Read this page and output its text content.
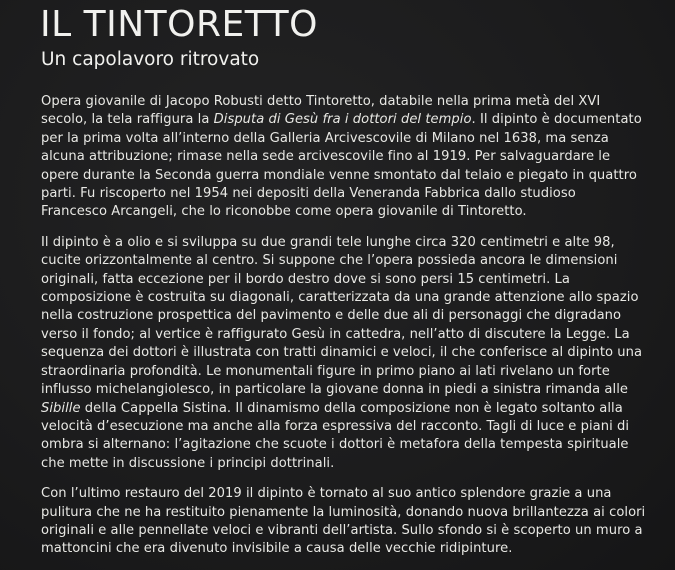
IL TINTORETTO
Un capolavoro ritrovato
Opera giovanile di Jacopo Robusti detto Tintoretto, databile nella prima metà del XVI
secolo, la tela raffigura la Disputa di Gesù fra i dottori del tempio. Il dipinto è documentato
per la prima volta all’interno della Galleria Arcivescovile di Milano nel 1638, ma senza
alcuna attribuzione; rimase nella sede arcivescovile fino al 1919. Per salvaguardare le
opere durante la Seconda guerra mondiale venne smontato dal telaio e piegato in quattro
parti. Fu riscoperto nel 1954 nei depositi della Veneranda Fabbrica dallo studioso
Francesco Arcangeli, che lo riconobbe come opera giovanile di Tintoretto.
Il dipinto è a olio e si sviluppa su due grandi tele lunghe circa 320 centimetri e alte 98,
cucite orizzontalmente al centro. Si suppone che l’opera possieda ancora le dimensioni
originali, fatta eccezione per il bordo destro dove si sono persi 15 centimetri. La
composizione è costruita su diagonali, caratterizzata da una grande attenzione allo spazio
nella costruzione prospettica del pavimento e delle due ali di personaggi che digradano
verso il fondo; al vertice è raffigurato Gesù in cattedra, nell’atto di discutere la Legge. La
sequenza dei dottori è illustrata con tratti dinamici e veloci, il che conferisce al dipinto una
straordinaria profondità. Le monumentali figure in primo piano ai lati rivelano un forte
influsso michelangiolesco, in particolare la giovane donna in piedi a sinistra rimanda alle
Sibille della Cappella Sistina. Il dinamismo della composizione non è legato soltanto alla
velocità d’esecuzione ma anche alla forza espressiva del racconto. Tagli di luce e piani di
ombra si alternano: l’agitazione che scuote i dottori è metafora della tempesta spirituale
che mette in discussione i principi dottrinali.
Con l’ultimo restauro del 2019 il dipinto è tornato al suo antico splendore grazie a una
pulitura che ne ha restituito pienamente la luminosità, donando nuova brillantezza ai colori
originali e alle pennellate veloci e vibranti dell’artista. Sullo sfondo si è scoperto un muro a
mattoncini che era divenuto invisibile a causa delle vecchie ridipinture.
